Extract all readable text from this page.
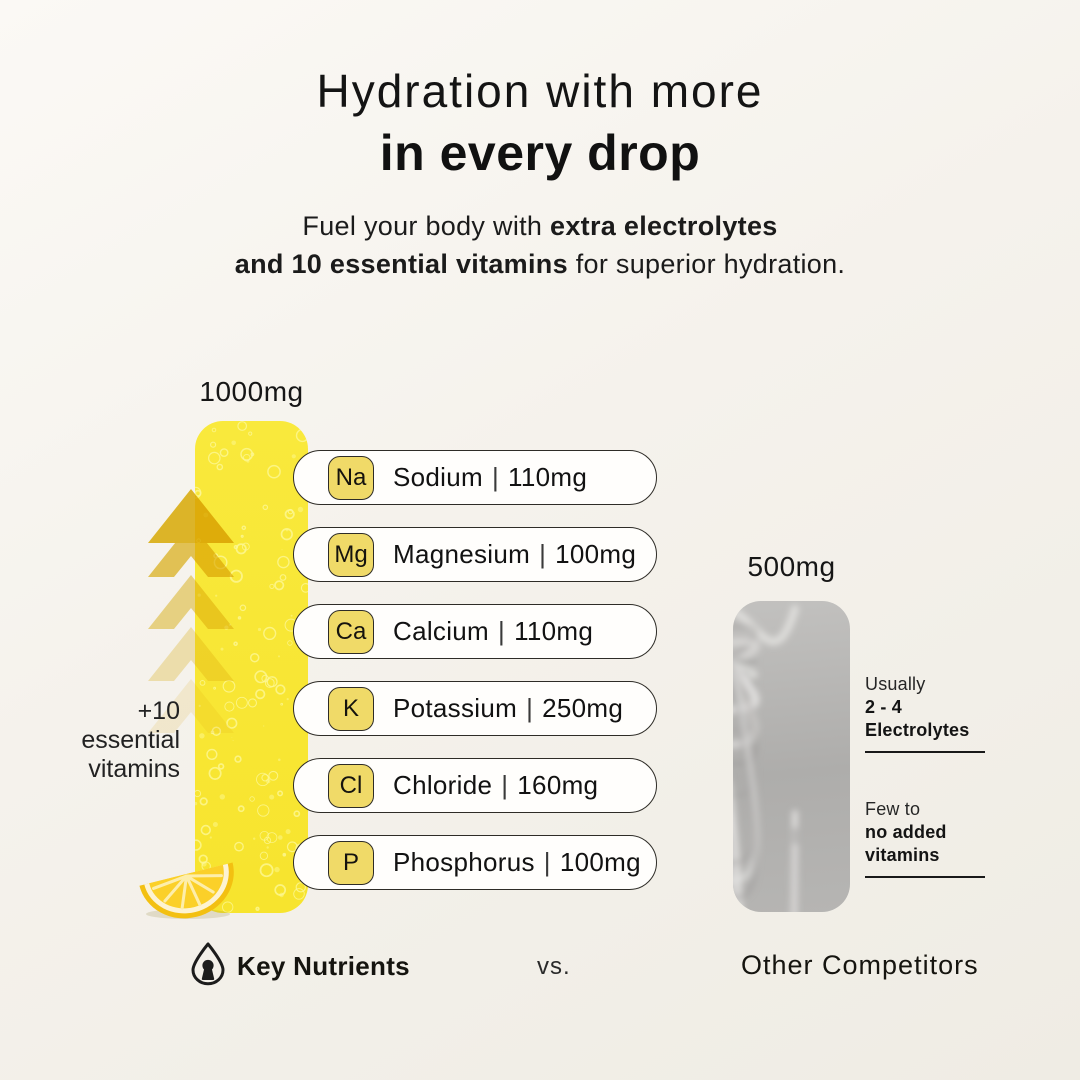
Hydration with more
in every drop
Fuel your body with extra electrolytes
and 10 essential vitamins for superior hydration.
1000mg
+10
essential
vitamins
Na Sodium | 110mg
Mg Magnesium | 100mg
Ca Calcium | 110mg
K	Potassium | 250mg
Cl	Chloride | 160mg
P	Phosphorus | 100mg
500mg
Usually
2 - 4
Electrolytes
Few to
no added
vitamins
Key Nutrients	vs.	Other Competitors
